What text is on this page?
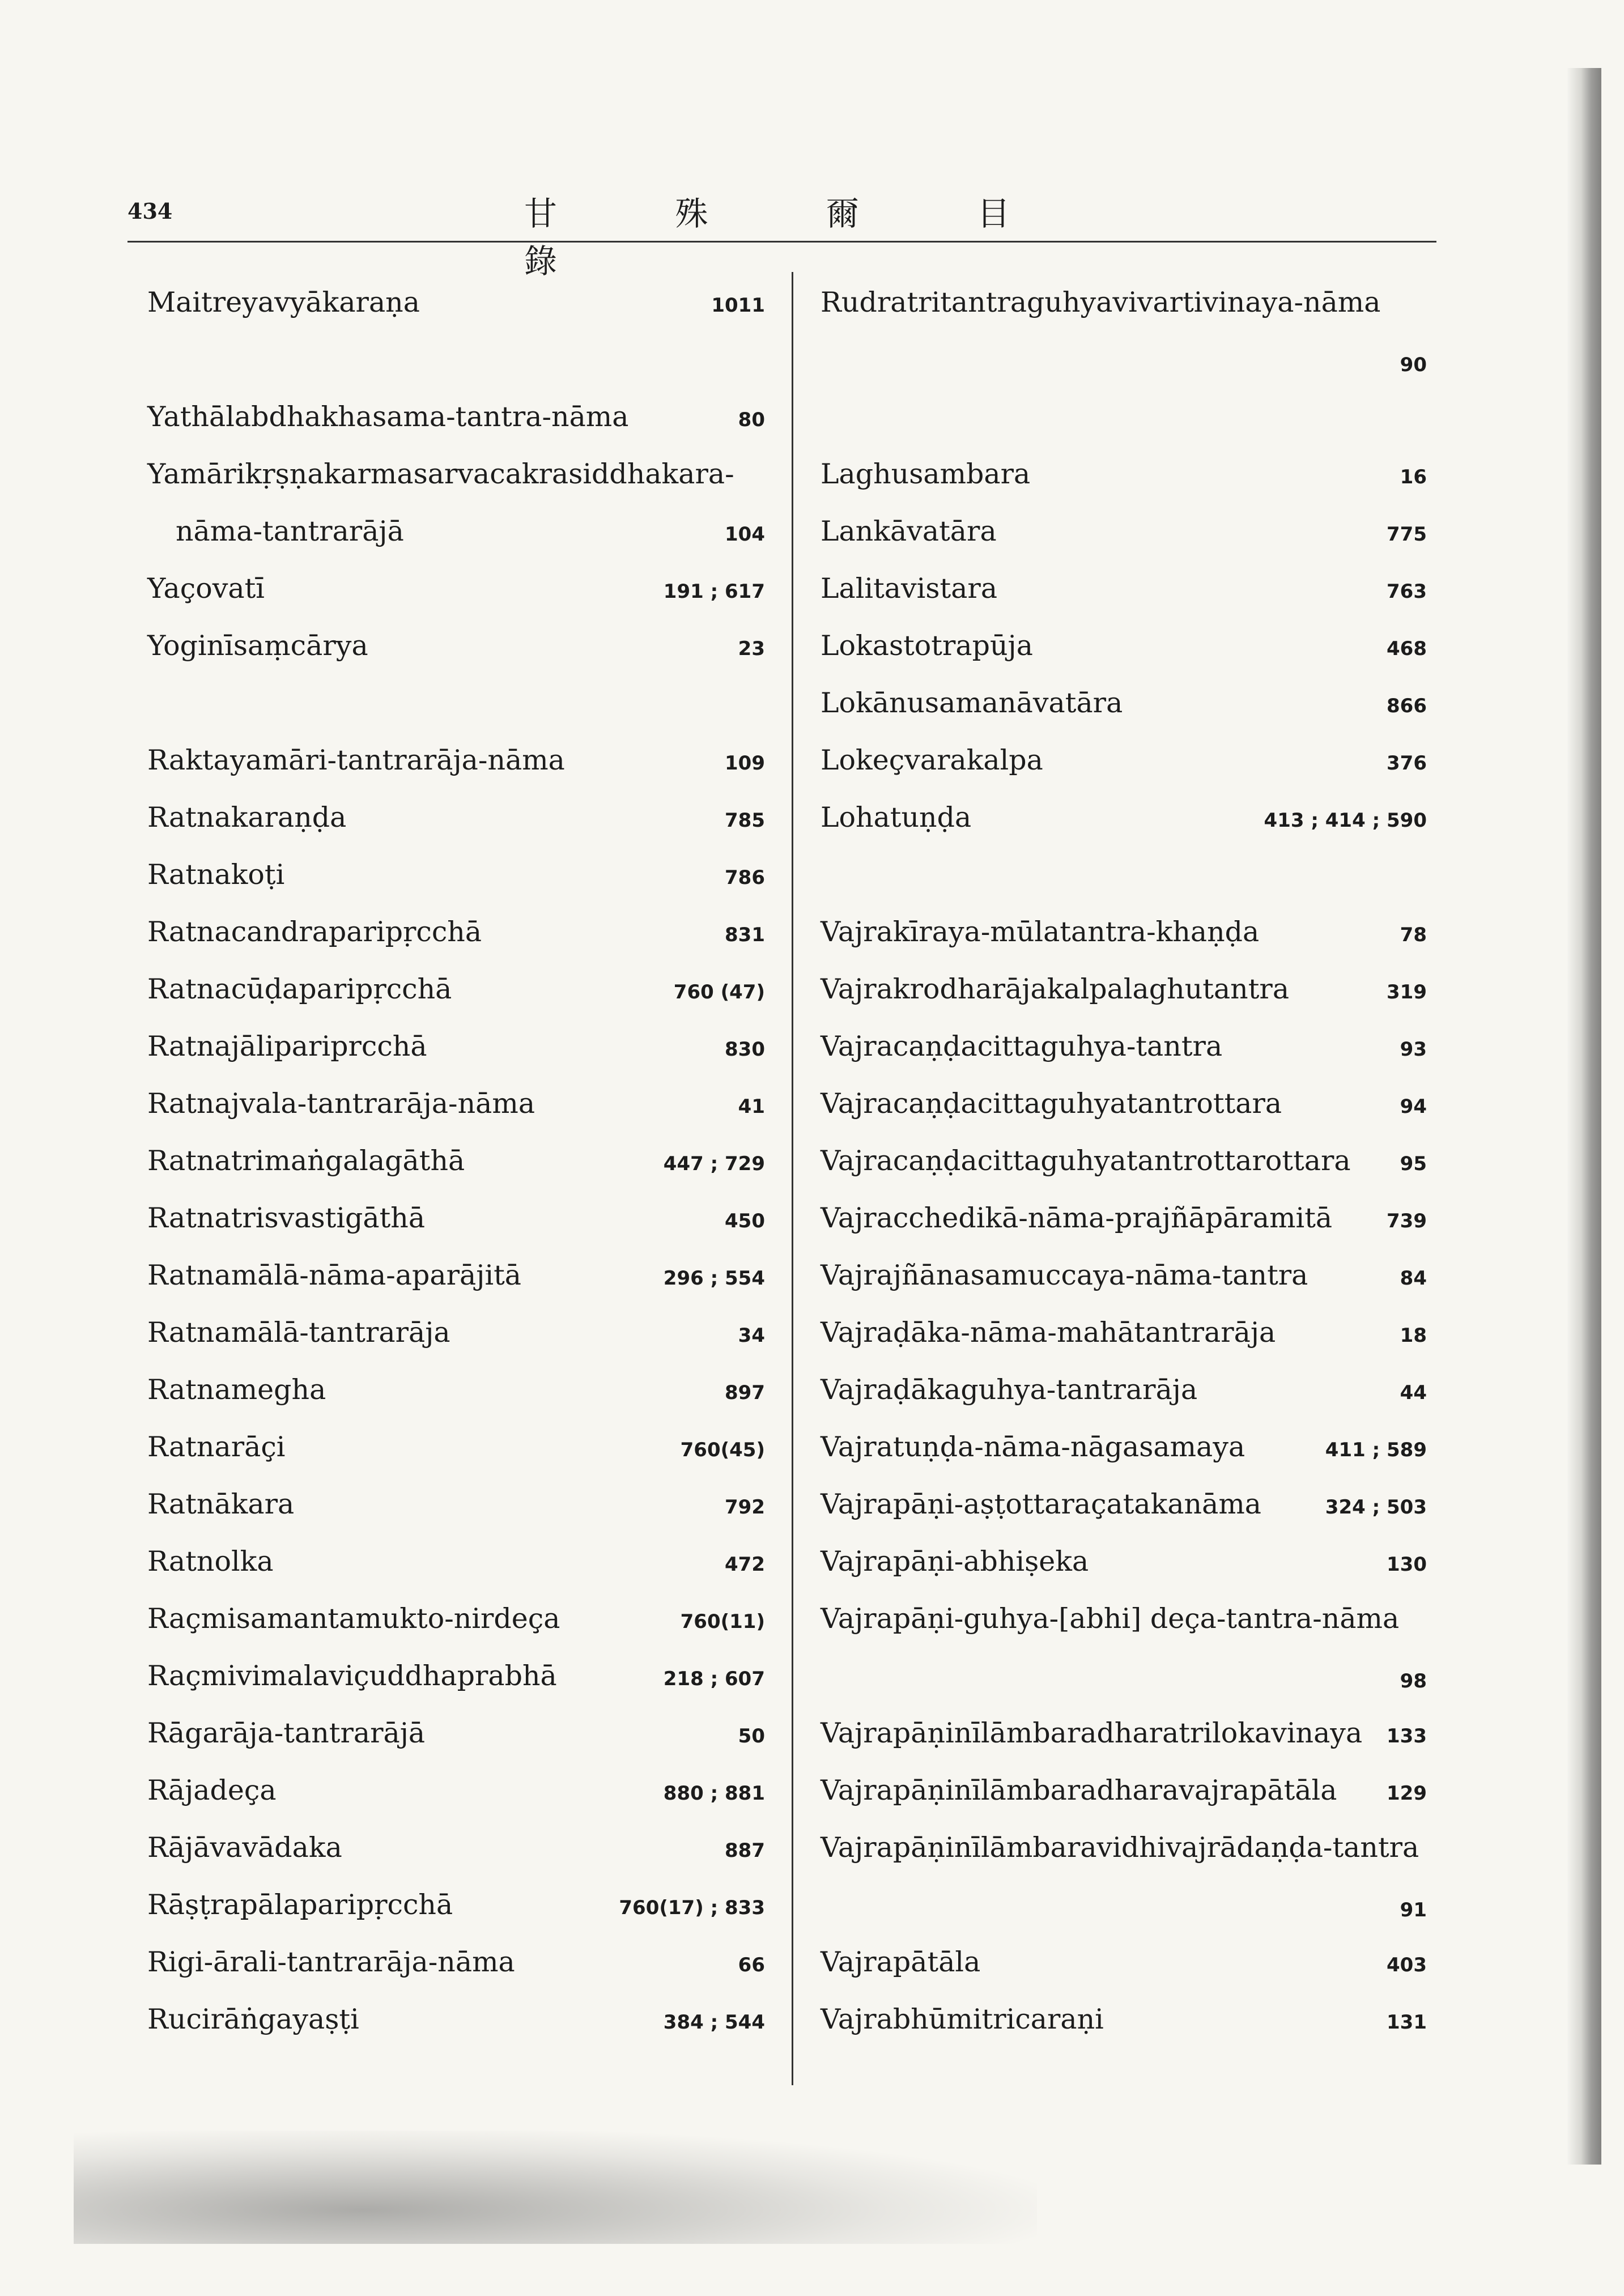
434	甘 殊 爾 目 錄
Maitreyavyākaraṇa	1011
Yathālabdhakhasama-tantra-nāma	80
Yamārikṛṣṇakarmasarvacakrasiddhakara-
nāma-tantrarājā	104
Yaçovatī	191 ; 617
Yoginīsaṃcārya	23
Raktayamāri-tantrarāja-nāma	109
Ratnakaraṇḍa	785
Ratnakoṭi	786
Ratnacandraparipṛcchā	831
Ratnacūḍaparipṛcchā	760 (47)
Ratnajālipariprcchā	830
Ratnajvala-tantrarāja-nāma	41
Ratnatrimaṅgalagāthā	447 ; 729
Ratnatrisvastigāthā	450
Ratnamālā-nāma-aparājitā	296 ; 554
Ratnamālā-tantrarāja	34
Ratnamegha	897
Ratnarāçi	760(45)
Ratnākara	792
Ratnolka	472
Raçmisamantamukto-nirdeça	760(11)
Raçmivimalaviçuddhaprabhā	218 ; 607
Rāgarāja-tantrarājā	50
Rājadeça	880 ; 881
Rājāvavādaka	887
Rāṣṭrapālaparipṛcchā	760(17) ; 833
Rigi-ārali-tantrarāja-nāma	66
Rucirāṅgayaṣṭi	384 ; 544
Rudratritantraguhyavivartivinaya-nāma
90
Laghusambara	16
Lankāvatāra	775
Lalitavistara	763
Lokastotrapūja	468
Lokānusamanāvatāra	866
Lokeçvarakalpa	376
Lohatuṇḍa	413 ; 414 ; 590
Vajrakīraya-mūlatantra-khaṇḍa	78
Vajrakrodharājakalpalaghutantra	319
Vajracaṇḍacittaguhya-tantra	93
Vajracaṇḍacittaguhyatantrottara	94
Vajracaṇḍacittaguhyatantrottarottara	95
Vajracchedikā-nāma-prajñāpāramitā	739
Vajrajñānasamuccaya-nāma-tantra	84
Vajraḍāka-nāma-mahātantrarāja	18
Vajraḍākaguhya-tantrarāja	44
Vajratuṇḍa-nāma-nāgasamaya	411 ; 589
Vajrapāṇi-aṣṭottaraçatakanāma	324 ; 503
Vajrapāṇi-abhiṣeka	130
Vajrapāṇi-guhya-[abhi] deça-tantra-nāma
98
Vajrapāṇinīlāmbaradharatrilokavinaya 133
Vajrapāṇinīlāmbaradharavajrapātāla	129
Vajrapāṇinīlāmbaravidhivajrādaṇḍa-tantra
91
Vajrapātāla	403
Vajrabhūmitricaraṇi	131
